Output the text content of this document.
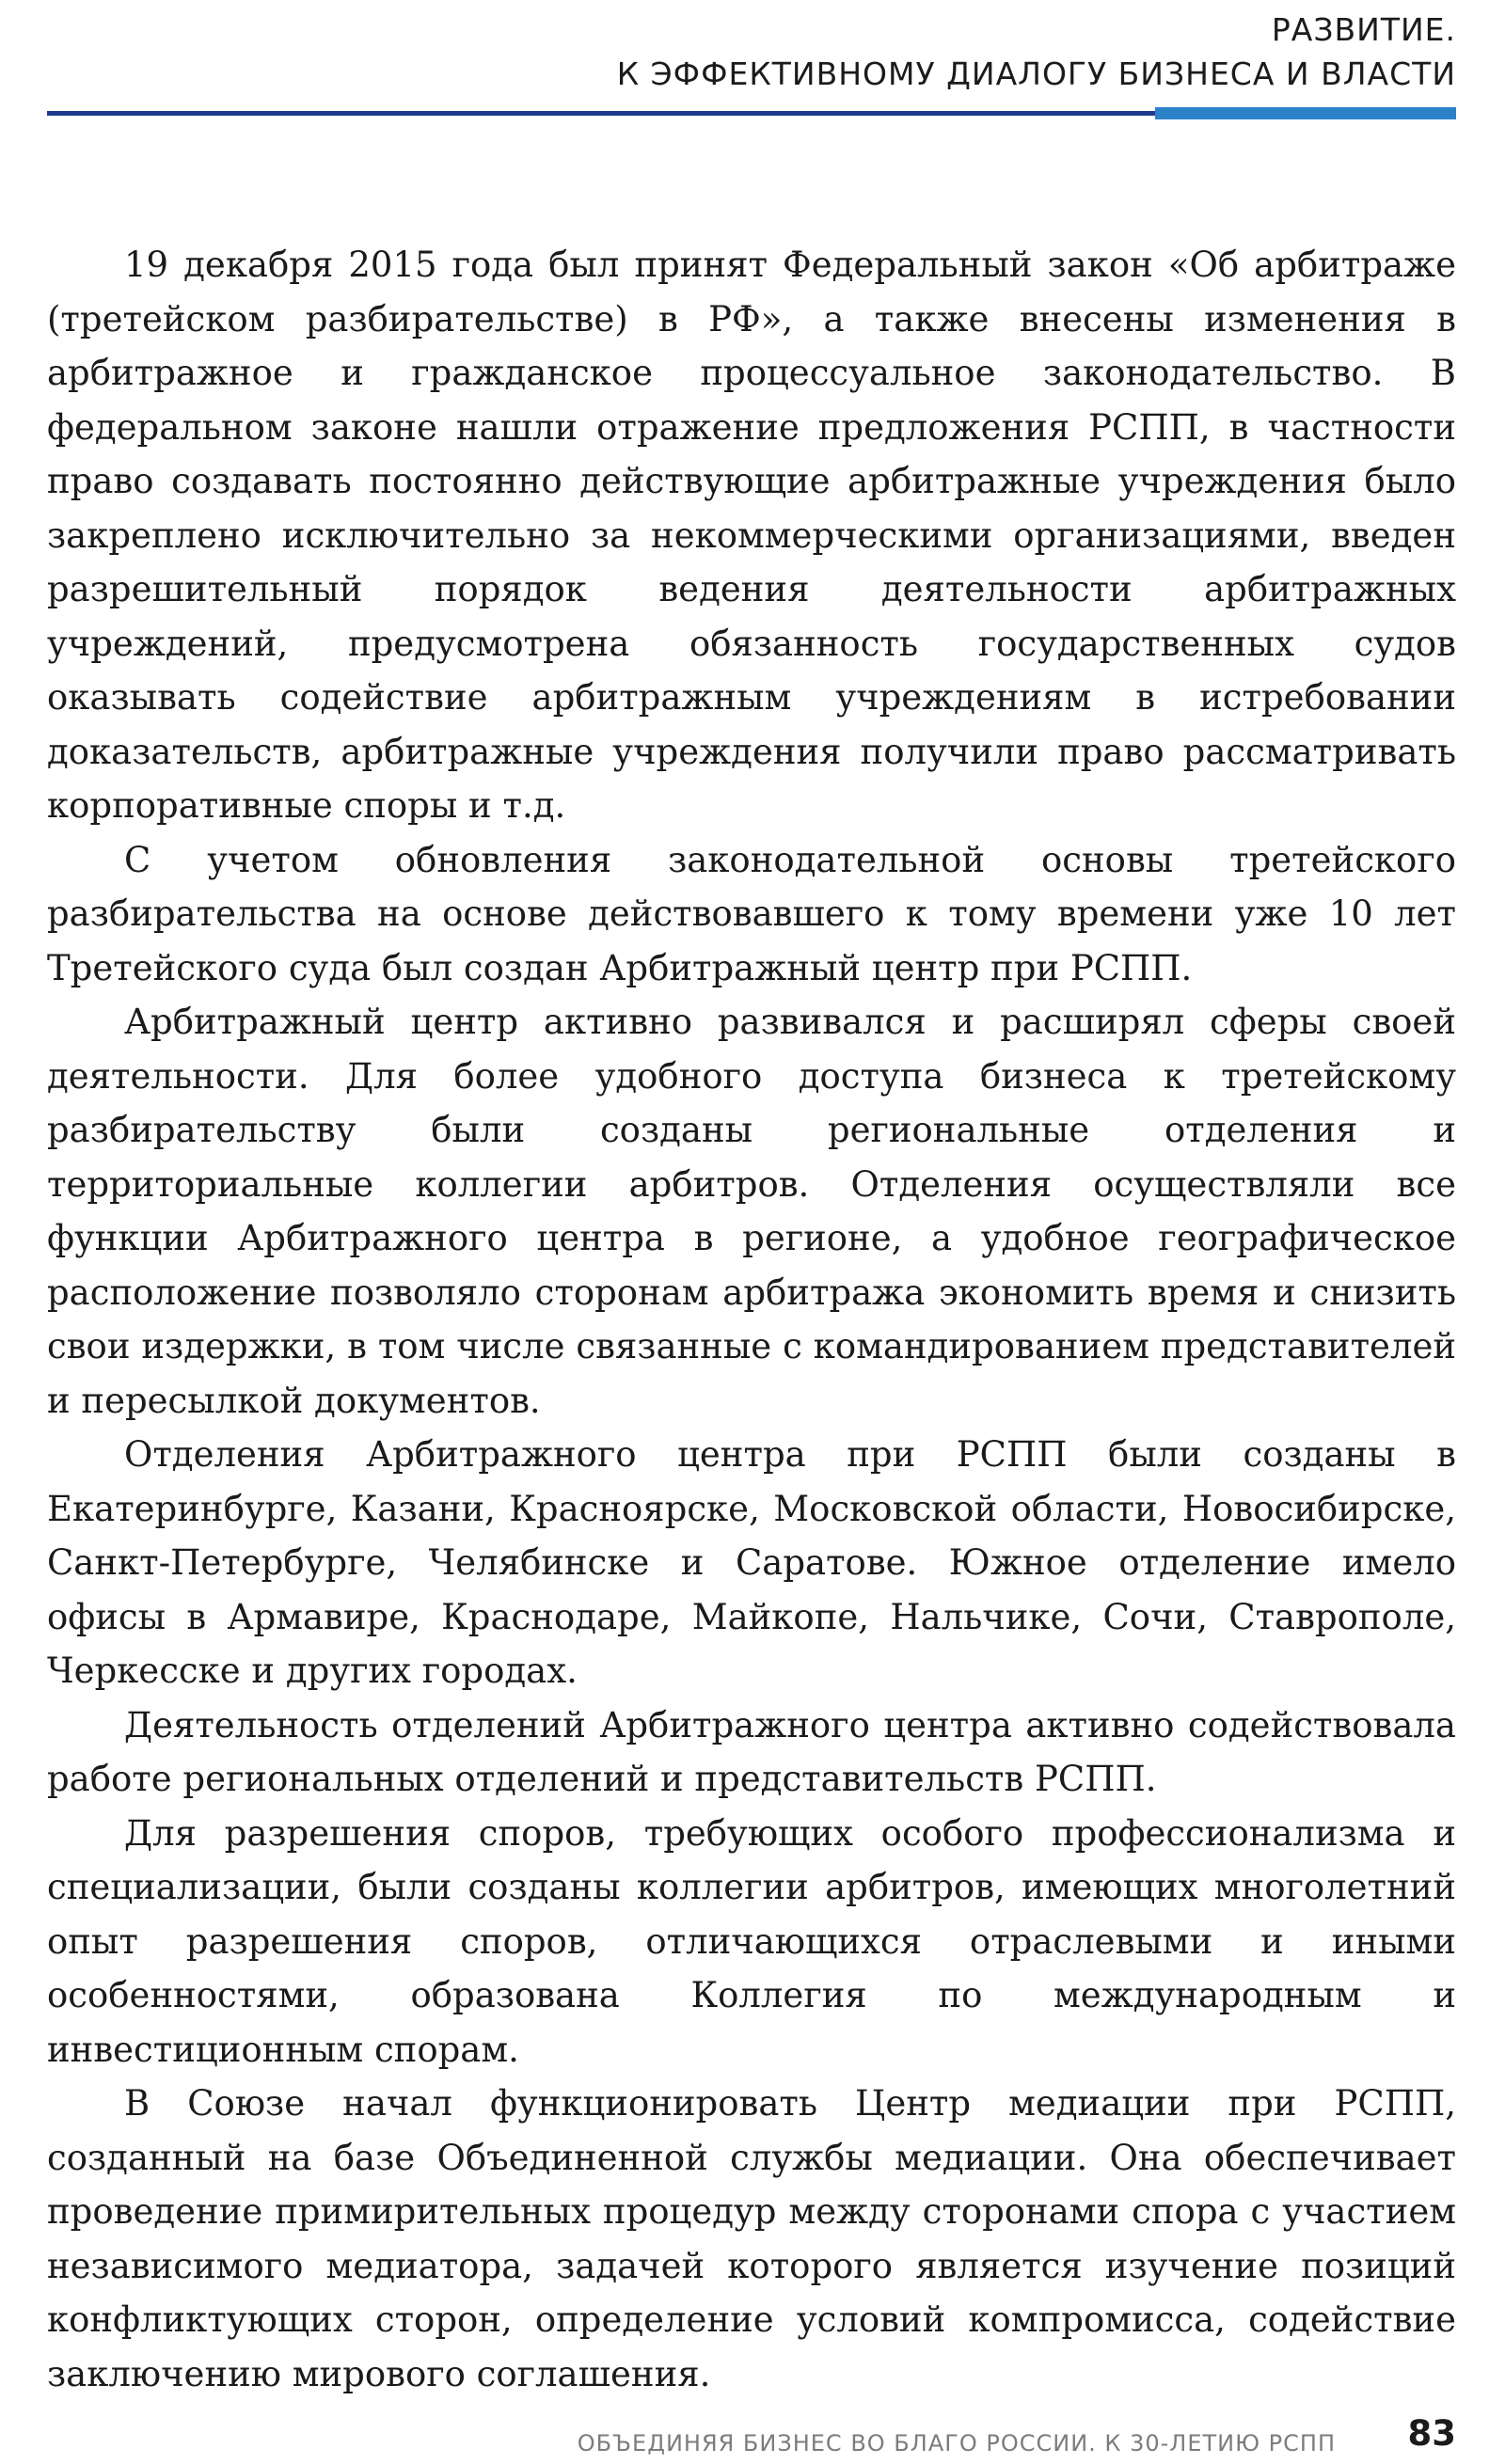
РАЗВИТИЕ.
К ЭФФЕКТИВНОМУ ДИАЛОГУ БИЗНЕСА И ВЛАСТИ

19 декабря 2015 года был принят Федеральный закон «Об арбитраже (третейском разбирательстве) в РФ», а также внесены изменения в арбитражное и гражданское процессуальное законодательство. В федеральном законе нашли отражение предложения РСПП, в частности право создавать постоянно действующие арбитражные учреждения было закреплено исключительно за некоммерческими организациями, введен разрешительный порядок ведения деятельности арбитражных учреждений, предусмотрена обязанность государственных судов оказывать содействие арбитражным учреждениям в истребовании доказательств, арбитражные учреждения получили право рассматривать корпоративные споры и т.д.

С учетом обновления законодательной основы третейского разбирательства на основе действовавшего к тому времени уже 10 лет Третейского суда был создан Арбитражный центр при РСПП.

Арбитражный центр активно развивался и расширял сферы своей деятельности. Для более удобного доступа бизнеса к третейскому разбирательству были созданы региональные отделения и территориальные коллегии арбитров. Отделения осуществляли все функции Арбитражного центра в регионе, а удобное географическое расположение позволяло сторонам арбитража экономить время и снизить свои издержки, в том числе связанные с командированием представителей и пересылкой документов.

Отделения Арбитражного центра при РСПП были созданы в Екатеринбурге, Казани, Красноярске, Московской области, Новосибирске, Санкт-Петербурге, Челябинске и Саратове. Южное отделение имело офисы в Армавире, Краснодаре, Майкопе, Нальчике, Сочи, Ставрополе, Черкесске и других городах.

Деятельность отделений Арбитражного центра активно содействовала работе региональных отделений и представительств РСПП.

Для разрешения споров, требующих особого профессионализма и специализации, были созданы коллегии арбитров, имеющих многолетний опыт разрешения споров, отличающихся отраслевыми и иными особенностями, образована Коллегия по международным и инвестиционным спорам.

В Союзе начал функционировать Центр медиации при РСПП, созданный на базе Объединенной службы медиации. Она обеспечивает проведение примирительных процедур между сторонами спора с участием независимого медиатора, задачей которого является изучение позиций конфликтующих сторон, определение условий компромисса, содействие заключению мирового соглашения.

ОБЪЕДИНЯЯ БИЗНЕС ВО БЛАГО РОССИИ. К 30-ЛЕТИЮ РСПП 83
